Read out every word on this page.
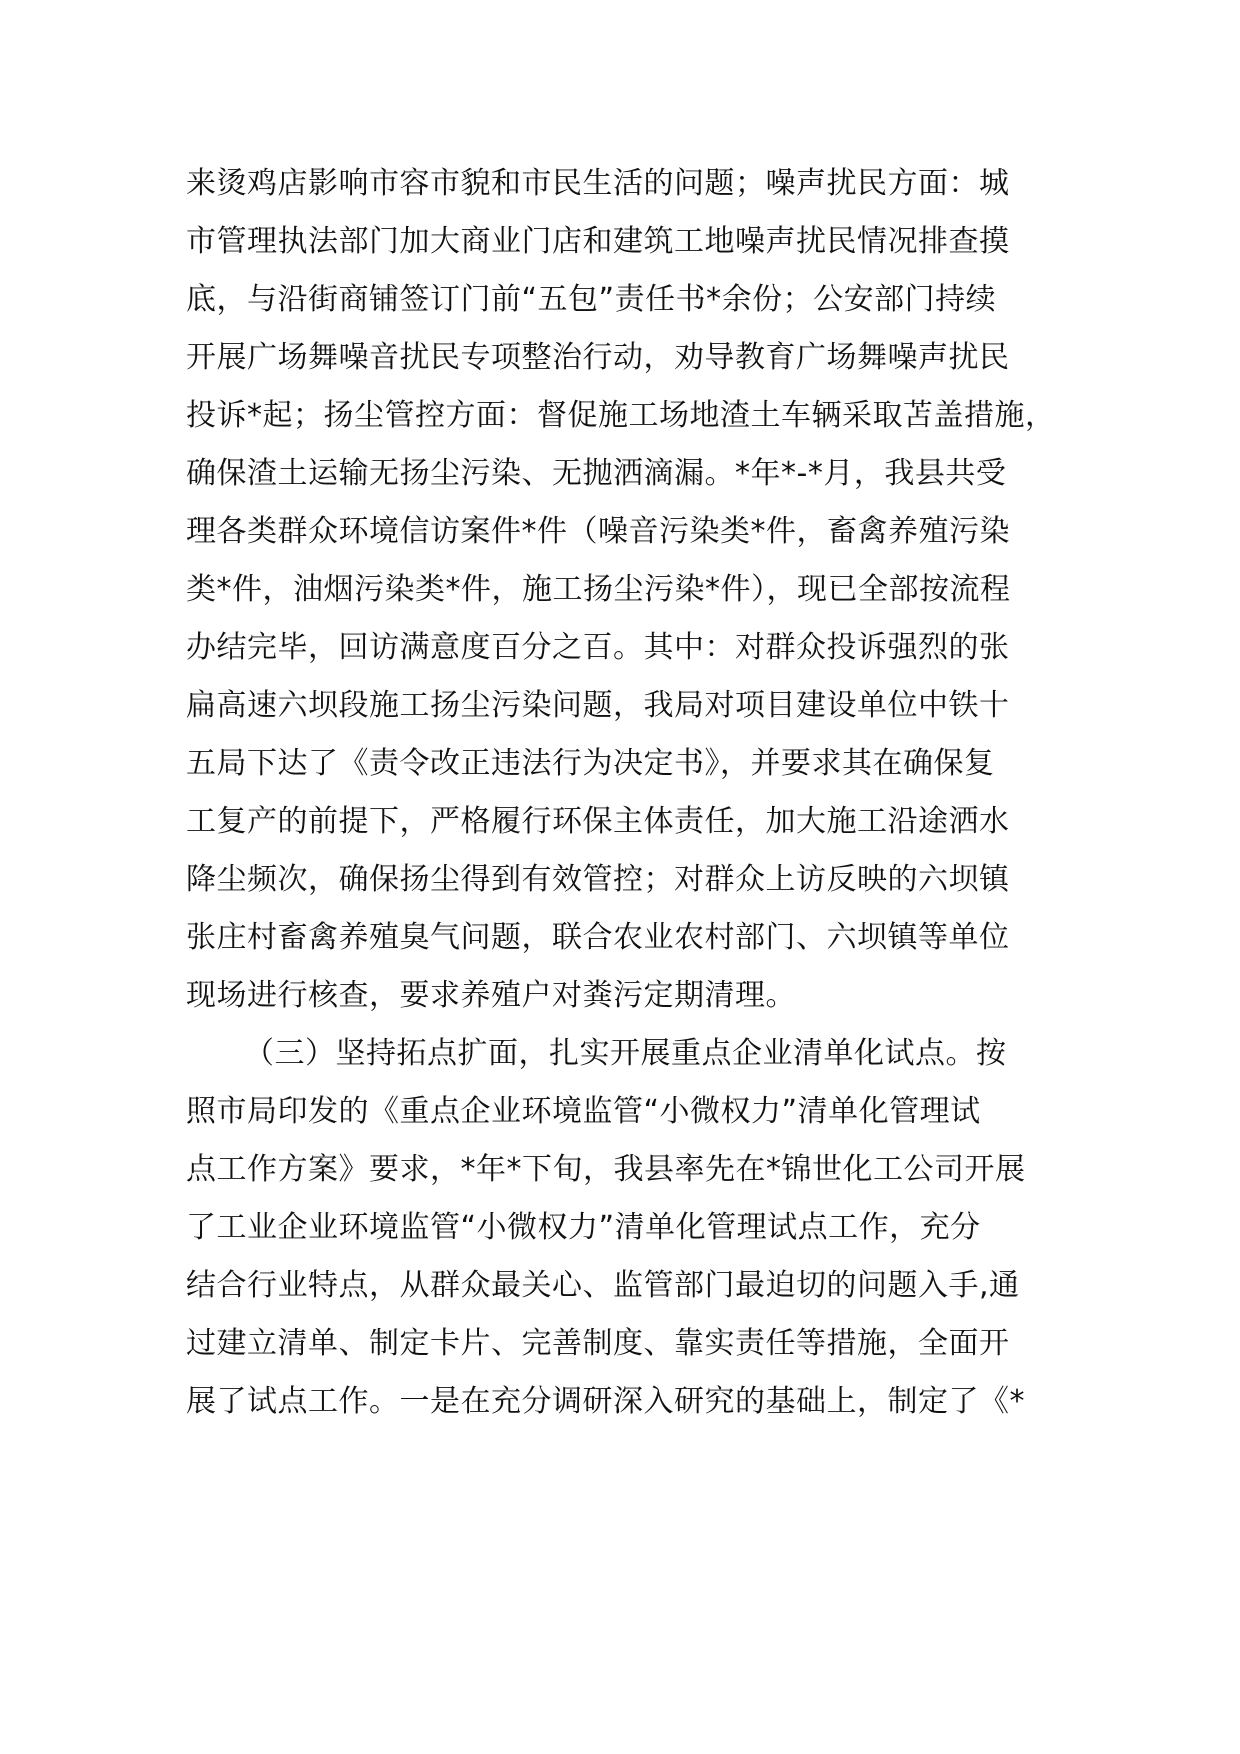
来烫鸡店影响市容市貌和市民生活的问题；噪声扰民方面：城
市管理执法部门加大商业门店和建筑工地噪声扰民情况排查摸
底，与沿街商铺签订门前“五包”责任书*余份；公安部门持续
开展广场舞噪音扰民专项整治行动，劝导教育广场舞噪声扰民
投诉*起；扬尘管控方面：督促施工场地渣土车辆采取苫盖措施，
确保渣土运输无扬尘污染、无抛洒滴漏。*年*-*月，我县共受
理各类群众环境信访案件*件（噪音污染类*件，畜禽养殖污染
类*件，油烟污染类*件，施工扬尘污染*件），现已全部按流程
办结完毕，回访满意度百分之百。其中：对群众投诉强烈的张
扁高速六坝段施工扬尘污染问题，我局对项目建设单位中铁十
五局下达了《责令改正违法行为决定书》，并要求其在确保复
工复产的前提下，严格履行环保主体责任，加大施工沿途洒水
降尘频次，确保扬尘得到有效管控；对群众上访反映的六坝镇
张庄村畜禽养殖臭气问题，联合农业农村部门、六坝镇等单位
现场进行核查，要求养殖户对粪污定期清理。
（三）坚持拓点扩面，扎实开展重点企业清单化试点。按
照市局印发的《重点企业环境监管“小微权力”清单化管理试
点工作方案》要求，*年*下旬，我县率先在*锦世化工公司开展
了工业企业环境监管“小微权力”清单化管理试点工作，充分
结合行业特点，从群众最关心、监管部门最迫切的问题入手,通
过建立清单、制定卡片、完善制度、靠实责任等措施，全面开
展了试点工作。一是在充分调研深入研究的基础上，制定了《*
